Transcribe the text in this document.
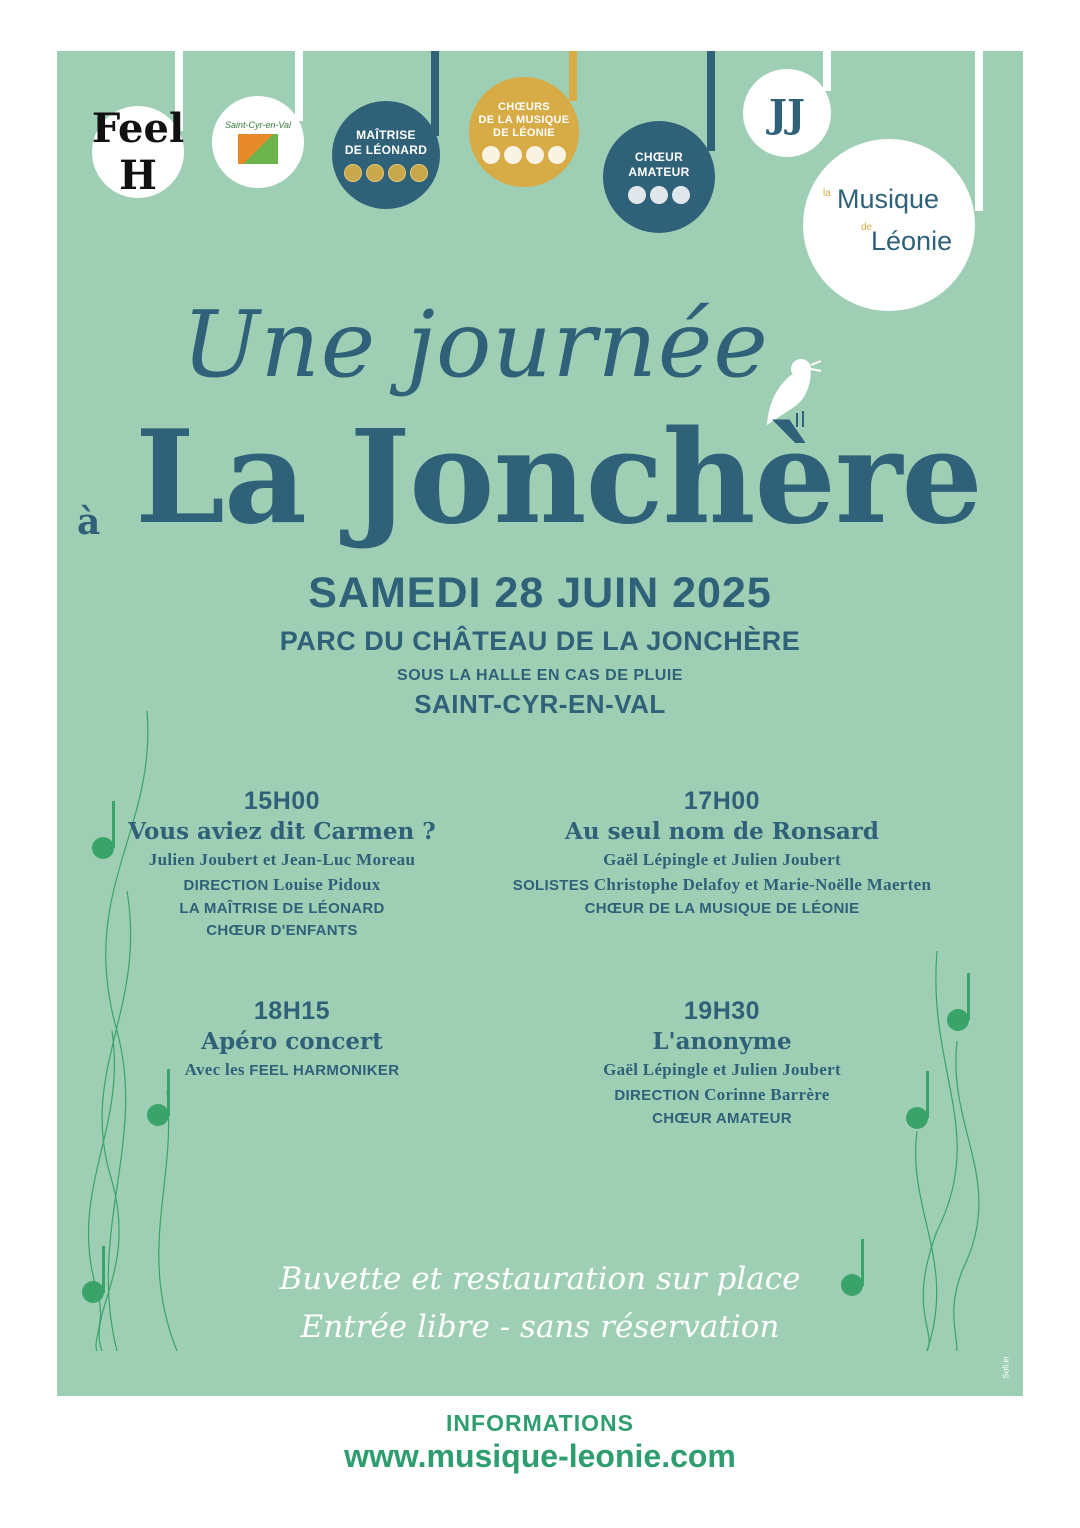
Feel H
Saint-Cyr-en-Val
MAÎTRISE
DE LÉONARD
CHŒURS
DE LA MUSIQUE
DE LÉONIE
CHŒUR
AMATEUR
JJ
la Musique
de
Léonie
Une journée
à La Jonchère
SAMEDI 28 JUIN 2025
PARC DU CHÂTEAU DE LA JONCHÈRE
SOUS LA HALLE EN CAS DE PLUIE
SAINT-CYR-EN-VAL
15H00
Vous aviez dit Carmen ?
Julien Joubert et Jean-Luc Moreau
DIRECTION Louise Pidoux
LA MAÎTRISE DE LÉONARD
CHŒUR D'ENFANTS
17H00
Au seul nom de Ronsard
Gaël Lépingle et Julien Joubert
SOLISTES Christophe Delafoy et Marie-Noëlle Maerten
CHŒUR DE LA MUSIQUE DE LÉONIE
18H15
Apéro concert
Avec les FEEL HARMONIKER
19H30
L'anonyme
Gaël Lépingle et Julien Joubert
DIRECTION Corinne Barrère
CHŒUR AMATEUR
Buvette et restauration sur place
Entrée libre - sans réservation
Sofi.in
INFORMATIONS
www.musique-leonie.com
